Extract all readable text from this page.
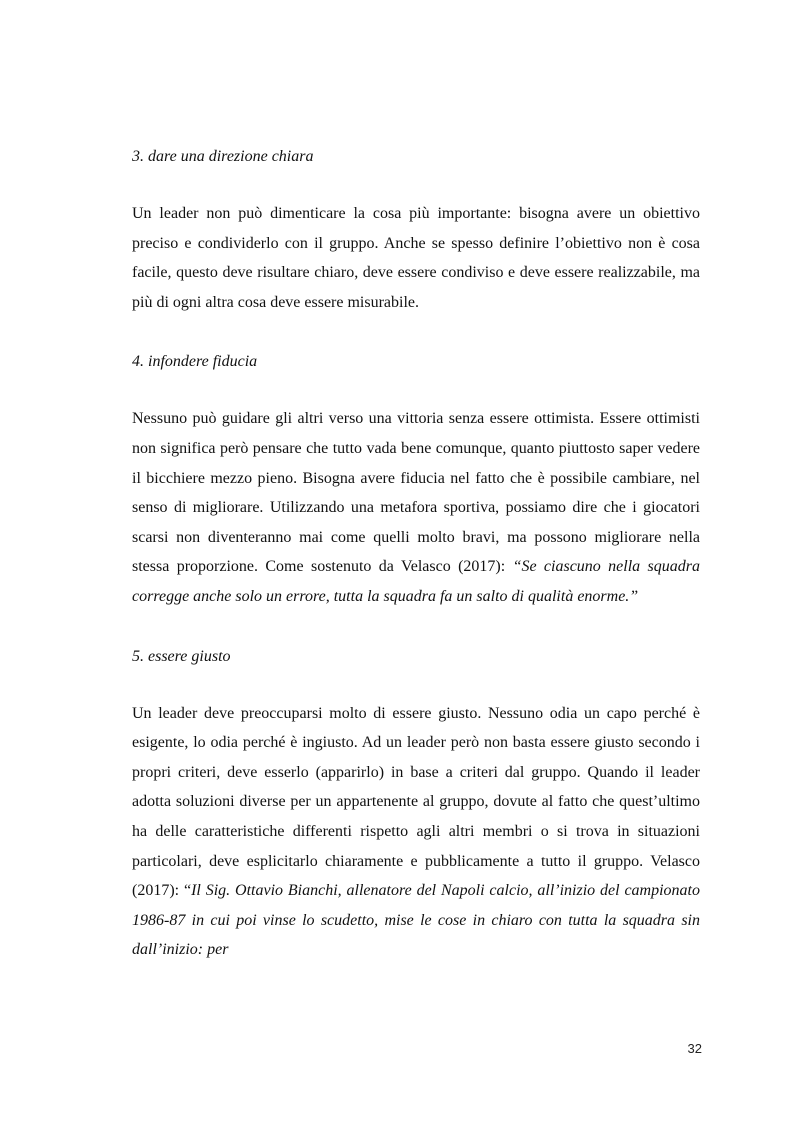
3. dare una direzione chiara

Un leader non può dimenticare la cosa più importante: bisogna avere un obiettivo preciso e condividerlo con il gruppo. Anche se spesso definire l’obiettivo non è cosa facile, questo deve risultare chiaro, deve essere condiviso e deve essere realizzabile, ma più di ogni altra cosa deve essere misurabile.

4. infondere fiducia

Nessuno può guidare gli altri verso una vittoria senza essere ottimista. Essere ottimisti non significa però pensare che tutto vada bene comunque, quanto piuttosto saper vedere il bicchiere mezzo pieno. Bisogna avere fiducia nel fatto che è possibile cambiare, nel senso di migliorare. Utilizzando una metafora sportiva, possiamo dire che i giocatori scarsi non diventeranno mai come quelli molto bravi, ma possono migliorare nella stessa proporzione. Come sostenuto da Velasco (2017): “Se ciascuno nella squadra corregge anche solo un errore, tutta la squadra fa un salto di qualità enorme.”

5. essere giusto

Un leader deve preoccuparsi molto di essere giusto. Nessuno odia un capo perché è esigente, lo odia perché è ingiusto. Ad un leader però non basta essere giusto secondo i propri criteri, deve esserlo (apparirlo) in base a criteri dal gruppo. Quando il leader adotta soluzioni diverse per un appartenente al gruppo, dovute al fatto che quest’ultimo ha delle caratteristiche differenti rispetto agli altri membri o si trova in situazioni particolari, deve esplicitarlo chiaramente e pubblicamente a tutto il gruppo. Velasco (2017): “Il Sig. Ottavio Bianchi, allenatore del Napoli calcio, all’inizio del campionato 1986-87 in cui poi vinse lo scudetto, mise le cose in chiaro con tutta la squadra sin dall’inizio: per

32
